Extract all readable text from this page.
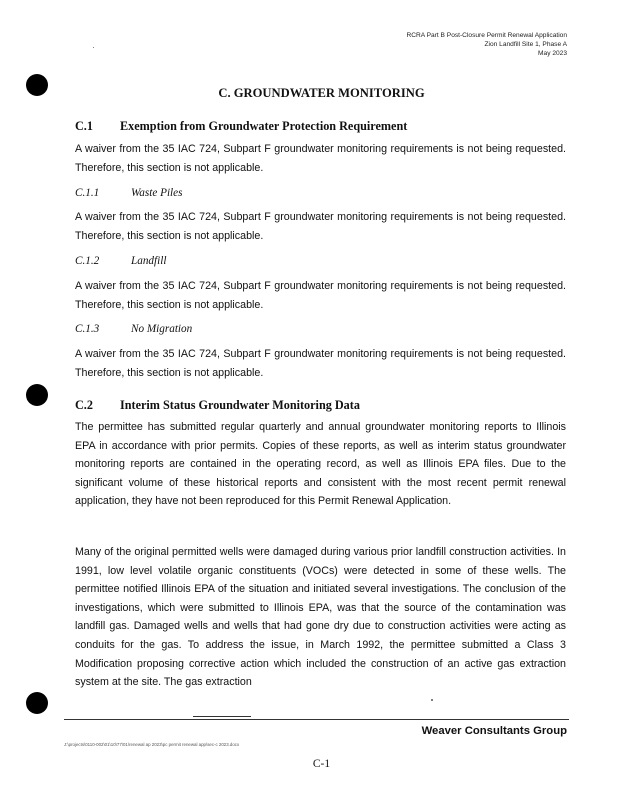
RCRA Part B Post-Closure Permit Renewal Application
Zion Landfill Site 1, Phase A
May 2023
C. GROUNDWATER MONITORING
C.1 Exemption from Groundwater Protection Requirement

A waiver from the 35 IAC 724, Subpart F groundwater monitoring requirements is not being requested. Therefore, this section is not applicable.

C.1.1	Waste Piles

A waiver from the 35 IAC 724, Subpart F groundwater monitoring requirements is not being requested. Therefore, this section is not applicable.

C.1.2	Landfill

A waiver from the 35 IAC 724, Subpart F groundwater monitoring requirements is not being requested. Therefore, this section is not applicable.

C.1.3	No Migration

A waiver from the 35 IAC 724, Subpart F groundwater monitoring requirements is not being requested. Therefore, this section is not applicable.

C.2 Interim Status Groundwater Monitoring Data

The permittee has submitted regular quarterly and annual groundwater monitoring reports to Illinois EPA in accordance with prior permits. Copies of these reports, as well as interim status groundwater monitoring reports are contained in the operating record, as well as Illinois EPA files. Due to the significant volume of these historical reports and consistent with the most recent permit renewal application, they have not been reproduced for this Permit Renewal Application.

Many of the original permitted wells were damaged during various prior landfill construction activities. In 1991, low level volatile organic constituents (VOCs) were detected in some of these wells. The permittee notified Illinois EPA of the situation and initiated several investigations. The conclusion of the investigations, which were submitted to Illinois EPA, was that the source of the contamination was landfill gas. Damaged wells and wells that had gone dry due to construction activities were acting as conduits for the gas. To address the issue, in March 1992, the permittee submitted a Class 3 Modification proposing corrective action which included the construction of an active gas extraction system at the site. The gas extraction

Weaver Consultants Group
J:\projects\0110-002\01\10\77\01\renewal ap 2023\pc permit renewal app\sec-c 2023.docx
C-1
